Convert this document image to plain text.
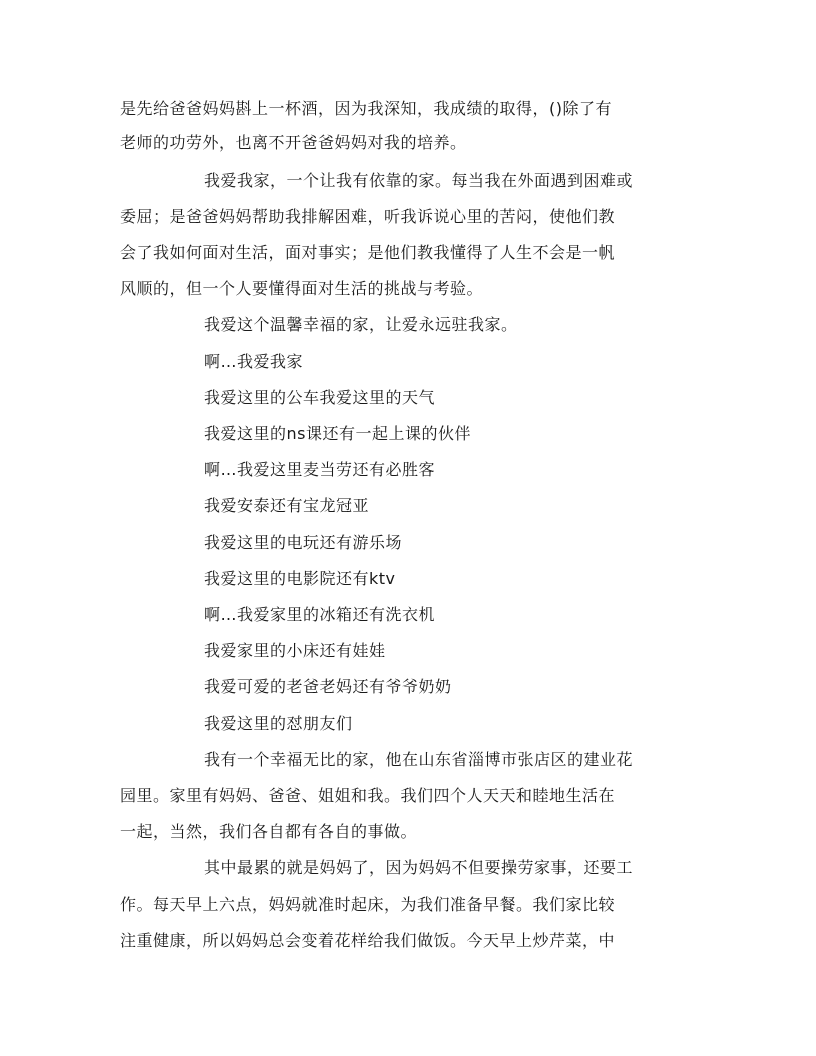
是先给爸爸妈妈斟上一杯酒，因为我深知，我成绩的取得，()除了有
老师的功劳外，也离不开爸爸妈妈对我的培养。
我爱我家，一个让我有依靠的家。每当我在外面遇到困难或
委屈；是爸爸妈妈帮助我排解困难，听我诉说心里的苦闷，使他们教
会了我如何面对生活，面对事实；是他们教我懂得了人生不会是一帆
风顺的，但一个人要懂得面对生活的挑战与考验。
我爱这个温馨幸福的家，让爱永远驻我家。
啊…我爱我家
我爱这里的公车我爱这里的天气
我爱这里的ns课还有一起上课的伙伴
啊…我爱这里麦当劳还有必胜客
我爱安泰还有宝龙冠亚
我爱这里的电玩还有游乐场
我爱这里的电影院还有ktv
啊…我爱家里的冰箱还有洗衣机
我爱家里的小床还有娃娃
我爱可爱的老爸老妈还有爷爷奶奶
我爱这里的怼朋友们
我有一个幸福无比的家，他在山东省淄博市张店区的建业花
园里。家里有妈妈、爸爸、姐姐和我。我们四个人天天和睦地生活在
一起，当然，我们各自都有各自的事做。
其中最累的就是妈妈了，因为妈妈不但要操劳家事，还要工
作。每天早上六点，妈妈就准时起床，为我们准备早餐。我们家比较
注重健康，所以妈妈总会变着花样给我们做饭。今天早上炒芹菜，中
